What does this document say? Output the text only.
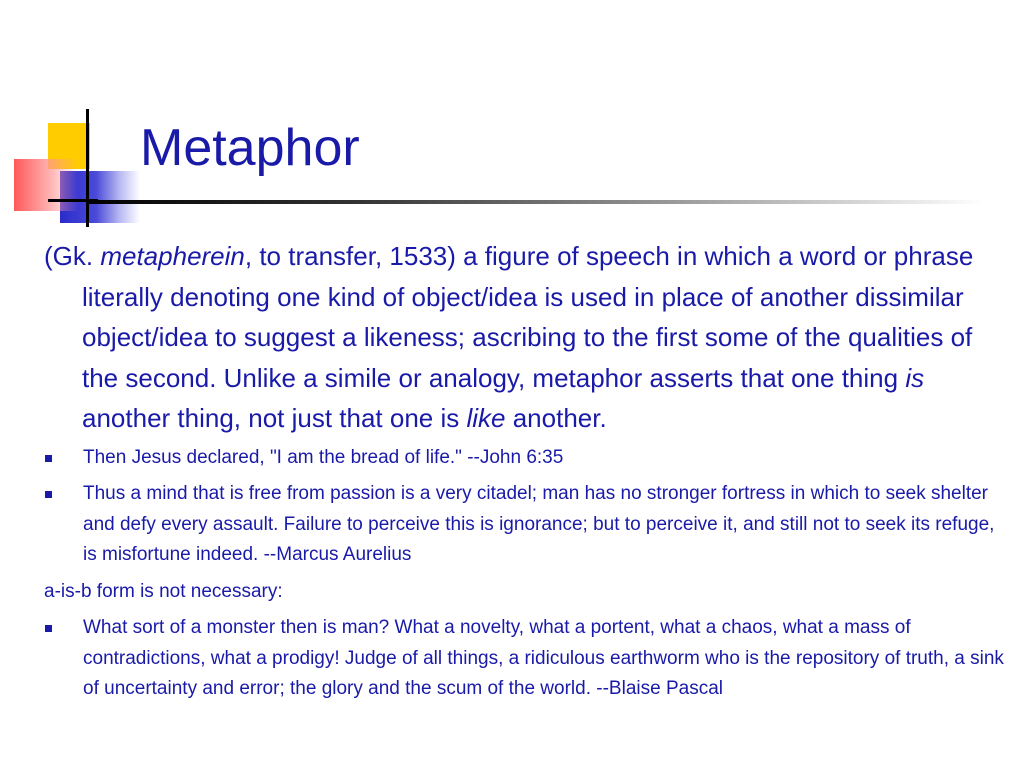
Metaphor

(Gk. metapherein, to transfer, 1533) a figure of speech in which a word or phrase literally denoting one kind of object/idea is used in place of another dissimilar object/idea to suggest a likeness; ascribing to the first some of the qualities of the second. Unlike a simile or analogy, metaphor asserts that one thing is another thing, not just that one is like another.

Then Jesus declared, "I am the bread of life." --John 6:35

Thus a mind that is free from passion is a very citadel; man has no stronger fortress in which to seek shelter and defy every assault. Failure to perceive this is ignorance; but to perceive it, and still not to seek its refuge, is misfortune indeed. --Marcus Aurelius

a-is-b form is not necessary:

What sort of a monster then is man? What a novelty, what a portent, what a chaos, what a mass of contradictions, what a prodigy! Judge of all things, a ridiculous earthworm who is the repository of truth, a sink of uncertainty and error; the glory and the scum of the world. --Blaise Pascal
